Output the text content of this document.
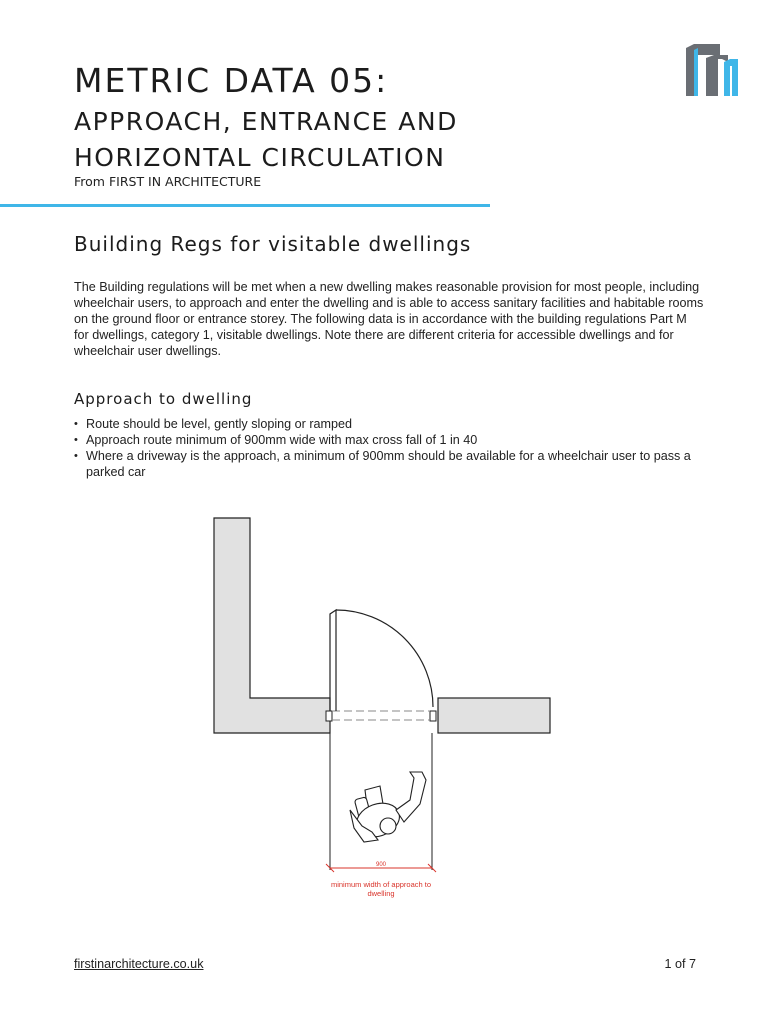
METRIC DATA 05:
APPROACH, ENTRANCE AND
HORIZONTAL CIRCULATION
From FIRST IN ARCHITECTURE
Building Regs for visitable dwellings
The Building regulations will be met when a new dwelling makes reasonable provision for most people, including wheelchair users, to approach and enter the dwelling and is able to access sanitary facilities and habitable rooms on the ground floor or entrance storey. The following data is in accordance with the building regulations Part M for dwellings, category 1, visitable dwellings. Note there are different criteria for accessible dwellings and for wheelchair user dwellings.
Approach to dwelling
• Route should be level, gently sloping or ramped
• Approach route minimum of 900mm wide with max cross fall of 1 in 40
• Where a driveway is the approach, a minimum of 900mm should be available for a wheelchair user to pass a parked car
900
minimum width of approach to
dwelling
firstinarchitecture.co.uk	1 of 7
